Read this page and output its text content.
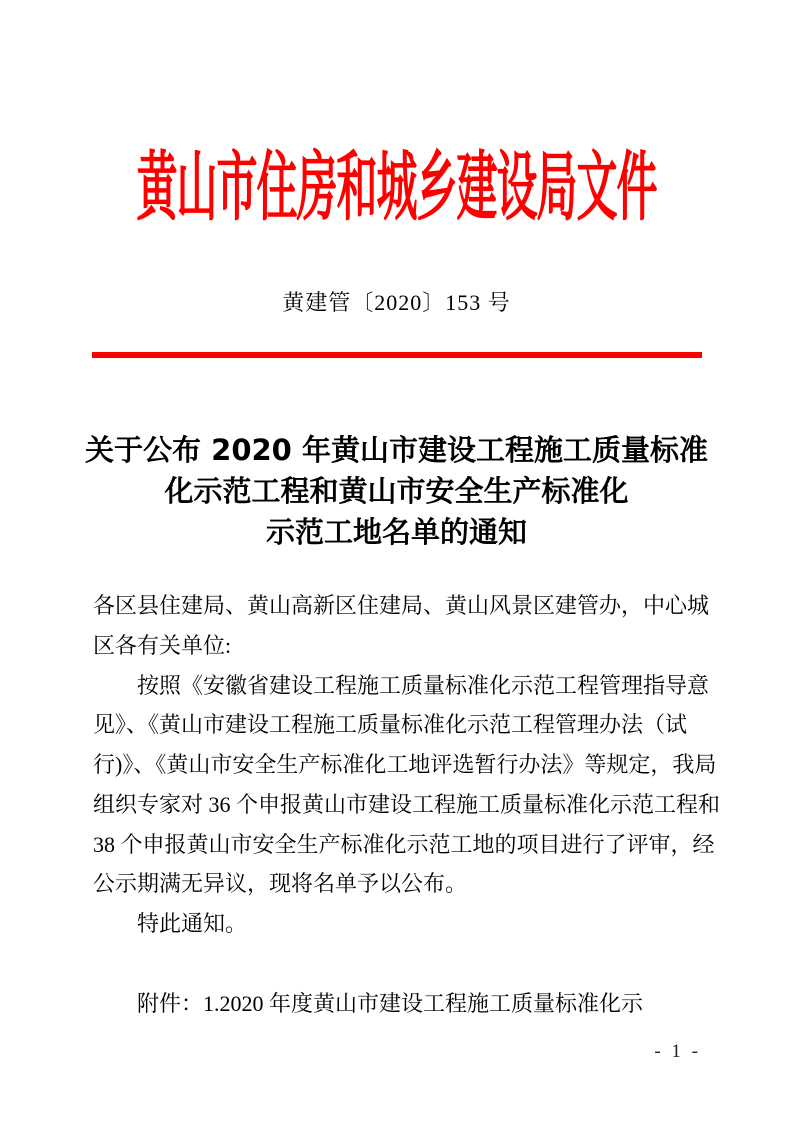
黄山市住房和城乡建设局文件
黄建管〔2020〕153 号
关于公布 2020 年黄山市建设工程施工质量标准
化示范工程和黄山市安全生产标准化
示范工地名单的通知
各区县住建局、黄山高新区住建局、黄山风景区建管办，中心城
区各有关单位:
按照《安徽省建设工程施工质量标准化示范工程管理指导意
见》、《黄山市建设工程施工质量标准化示范工程管理办法（试
行)》、《黄山市安全生产标准化工地评选暂行办法》等规定，我局
组织专家对 36 个申报黄山市建设工程施工质量标准化示范工程和
38 个申报黄山市安全生产标准化示范工地的项目进行了评审，经
公示期满无异议，现将名单予以公布。
特此通知。
附件：1.2020 年度黄山市建设工程施工质量标准化示
- 1 -
